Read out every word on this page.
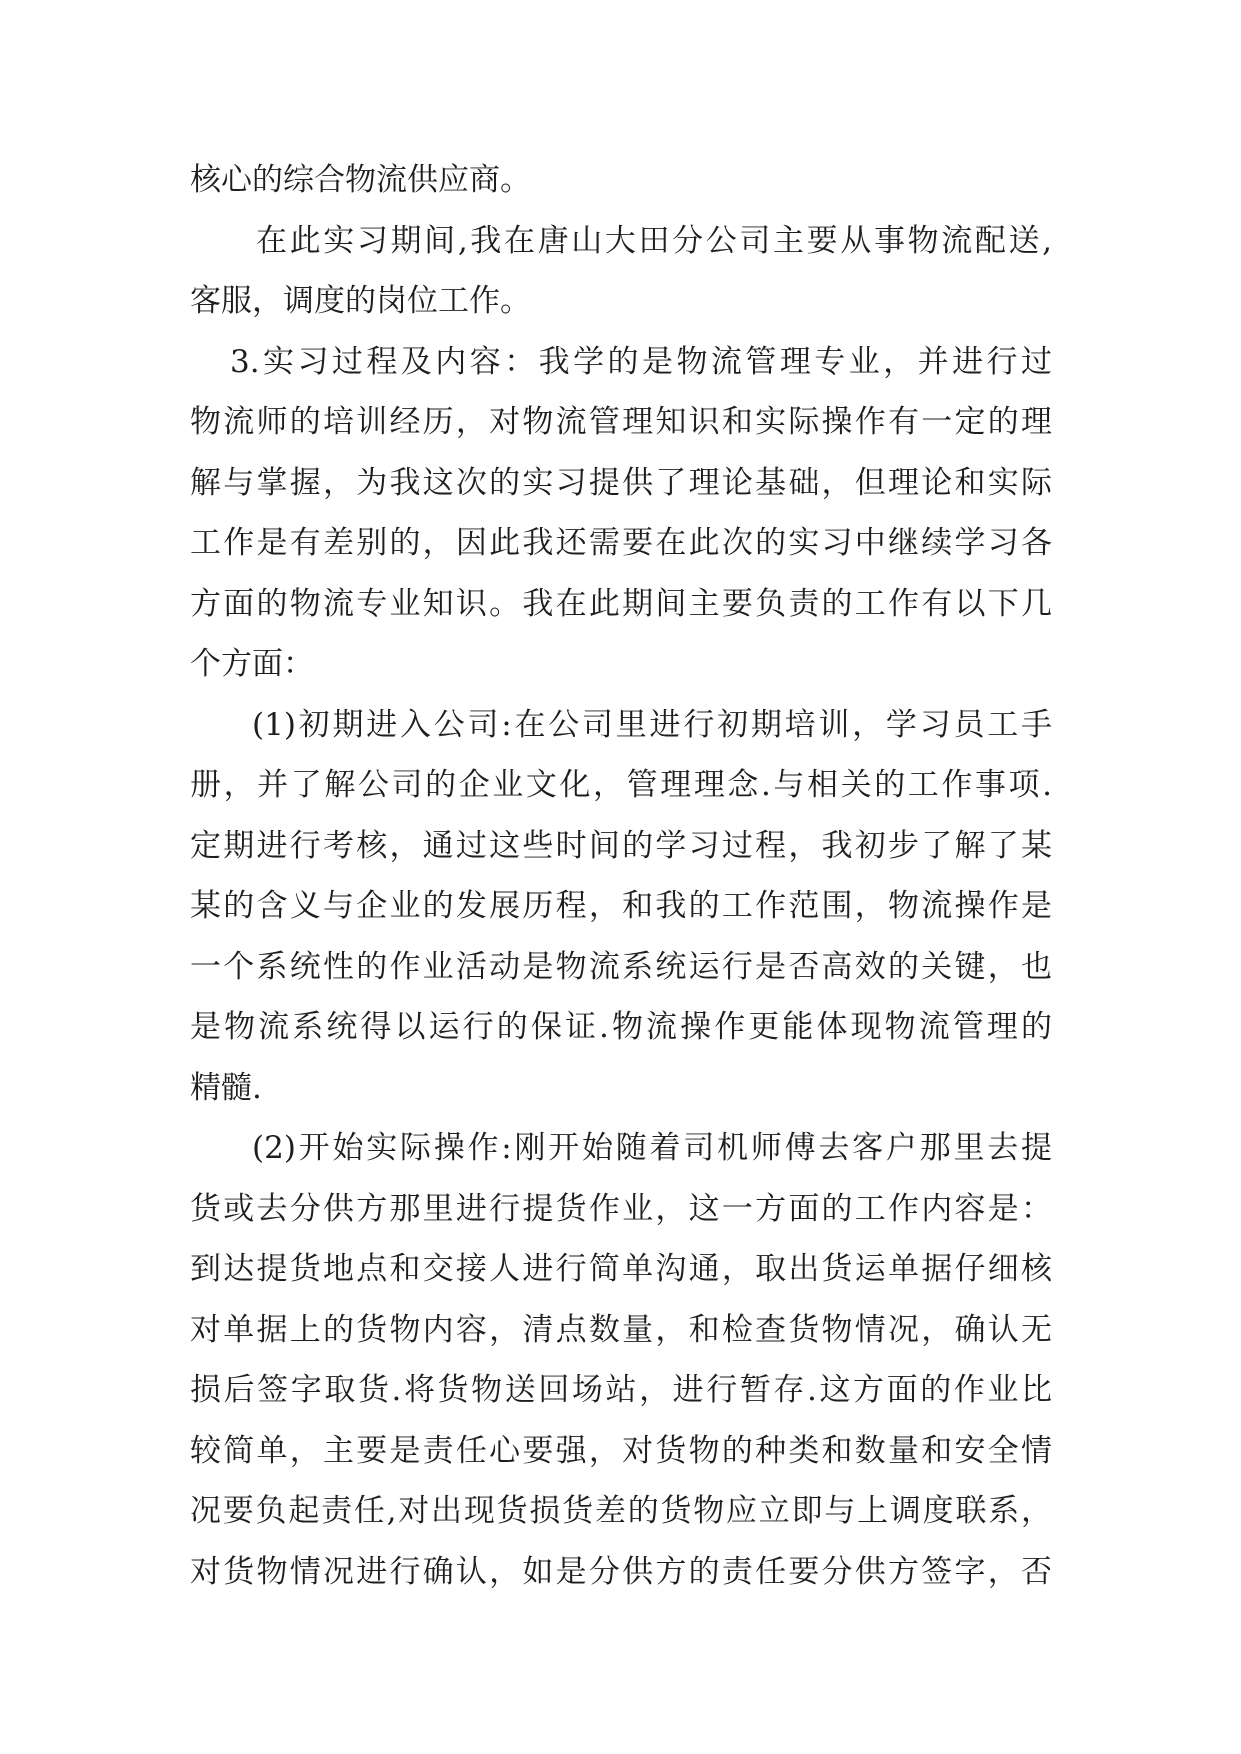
核心的综合物流供应商。
在此实习期间,我在唐山大田分公司主要从事物流配送,
客服，调度的岗位工作。
3.实习过程及内容：我学的是物流管理专业，并进行过
物流师的培训经历，对物流管理知识和实际操作有一定的理
解与掌握，为我这次的实习提供了理论基础，但理论和实际
工作是有差别的，因此我还需要在此次的实习中继续学习各
方面的物流专业知识。我在此期间主要负责的工作有以下几
个方面：
(1)初期进入公司:在公司里进行初期培训，学习员工手
册，并了解公司的企业文化，管理理念.与相关的工作事项.
定期进行考核，通过这些时间的学习过程，我初步了解了某
某的含义与企业的发展历程，和我的工作范围，物流操作是
一个系统性的作业活动是物流系统运行是否高效的关键，也
是物流系统得以运行的保证.物流操作更能体现物流管理的
精髓.
(2)开始实际操作:刚开始随着司机师傅去客户那里去提
货或去分供方那里进行提货作业，这一方面的工作内容是：
到达提货地点和交接人进行简单沟通，取出货运单据仔细核
对单据上的货物内容，清点数量，和检查货物情况，确认无
损后签字取货.将货物送回场站，进行暂存.这方面的作业比
较简单，主要是责任心要强，对货物的种类和数量和安全情
况要负起责任,对出现货损货差的货物应立即与上调度联系，
对货物情况进行确认，如是分供方的责任要分供方签字，否
